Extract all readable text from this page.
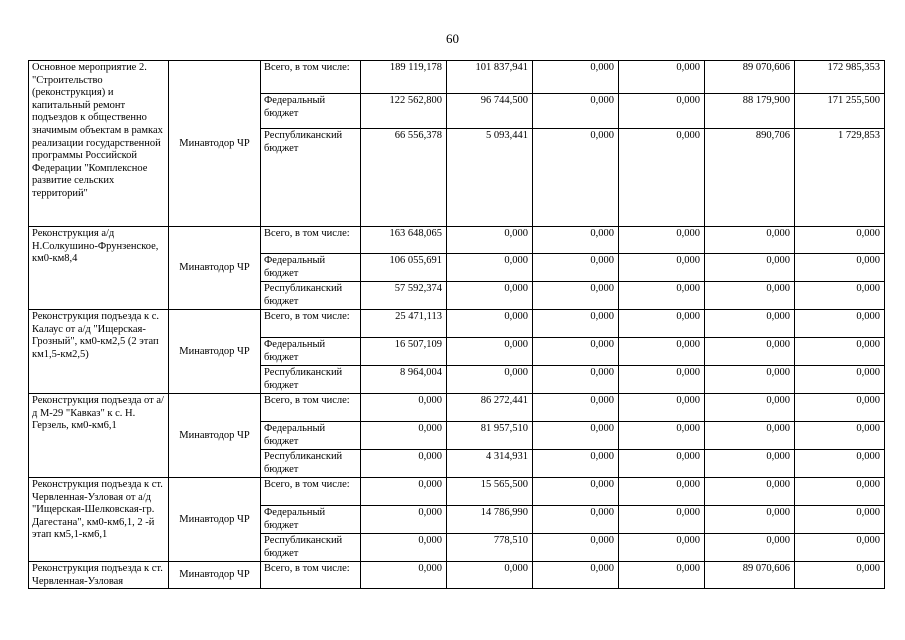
60
Основное мероприятие 2. "Строительство (реконструкция) и капитальный ремонт подъездов к общественно значимым объектам в рамках реализации государственной программы Российской Федерации "Комплексное развитие сельских территорий"	Минавтодор ЧР	Всего, в том числе:	189 119,178	101 837,941	0,000	0,000	89 070,606	172 985,353
		Федеральный бюджет	122 562,800	96 744,500	0,000	0,000	88 179,900	171 255,500
		Республиканский бюджет	66 556,378	5 093,441	0,000	0,000	890,706	1 729,853
Реконструкция а/д Н.Солкушино-Фрунзенское, км0-км8,4	Минавтодор ЧР	Всего, в том числе:	163 648,065	0,000	0,000	0,000	0,000	0,000
		Федеральный бюджет	106 055,691	0,000	0,000	0,000	0,000	0,000
		Республиканский бюджет	57 592,374	0,000	0,000	0,000	0,000	0,000
Реконструкция подъезда к с. Калаус от а/д "Ищерская-Грозный", км0-км2,5 (2 этап км1,5-км2,5)	Минавтодор ЧР	Всего, в том числе:	25 471,113	0,000	0,000	0,000	0,000	0,000
		Федеральный бюджет	16 507,109	0,000	0,000	0,000	0,000	0,000
		Республиканский бюджет	8 964,004	0,000	0,000	0,000	0,000	0,000
Реконструкция подъезда от а/д М-29 "Кавказ" к с. Н. Герзель, км0-км6,1	Минавтодор ЧР	Всего, в том числе:	0,000	86 272,441	0,000	0,000	0,000	0,000
		Федеральный бюджет	0,000	81 957,510	0,000	0,000	0,000	0,000
		Республиканский бюджет	0,000	4 314,931	0,000	0,000	0,000	0,000
Реконструкция подъезда к ст. Червленная-Узловая от а/д "Ищерская-Шелковская-гр. Дагестана", км0-км6,1, 2 -й этап км5,1-км6,1	Минавтодор ЧР	Всего, в том числе:	0,000	15 565,500	0,000	0,000	0,000	0,000
		Федеральный бюджет	0,000	14 786,990	0,000	0,000	0,000	0,000
		Республиканский бюджет	0,000	778,510	0,000	0,000	0,000	0,000
Реконструкция подъезда к ст. Червленная-Узловая	Минавтодор ЧР	Всего, в том числе:	0,000	0,000	0,000	0,000	89 070,606	0,000
